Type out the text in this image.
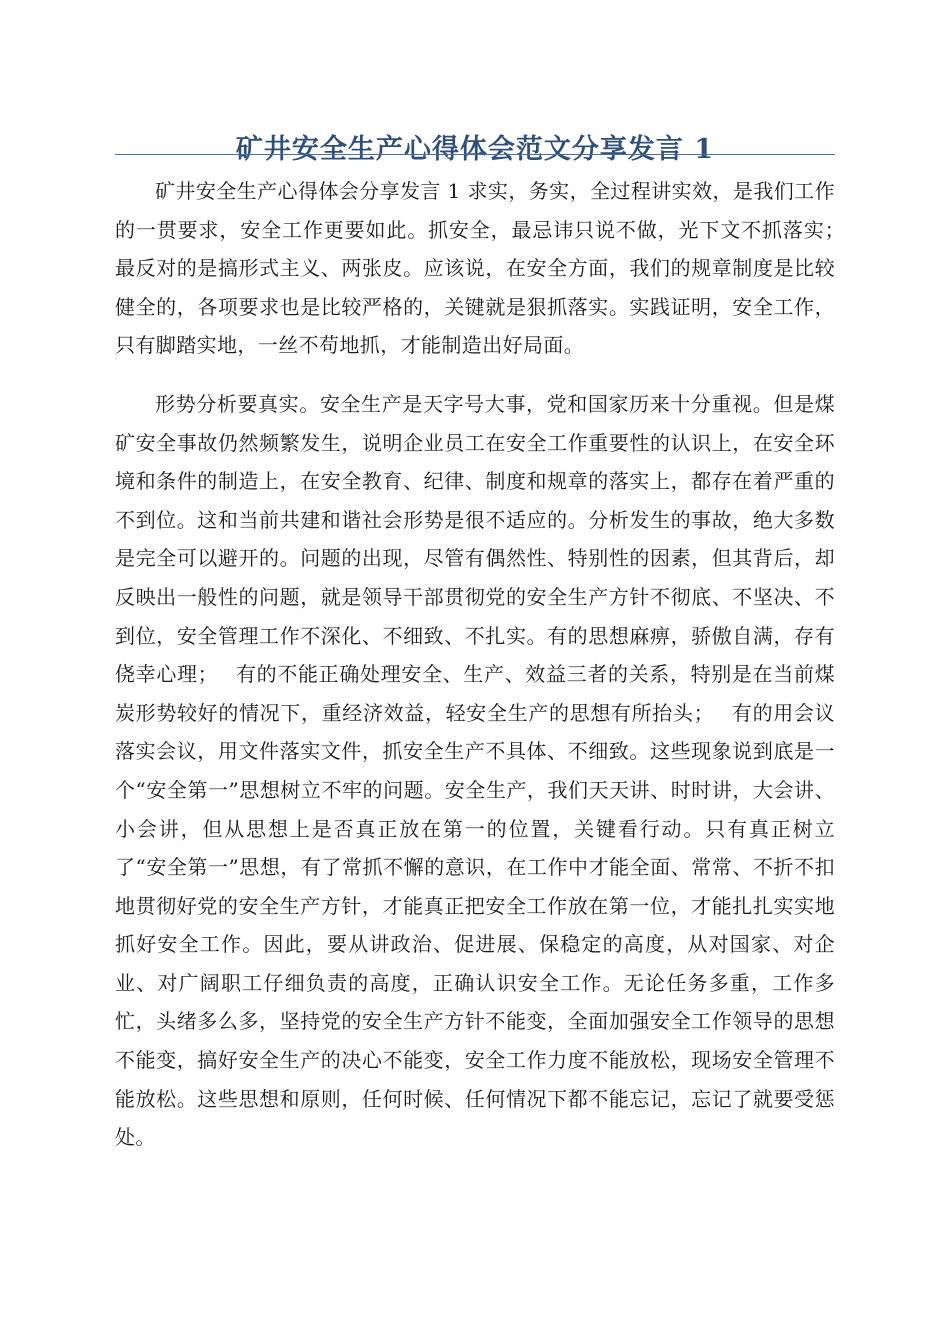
矿井安全生产心得体会范文分享发言 1

矿井安全生产心得体会分享发言 1 求实，务实，全过程讲实效，是我们工作的一贯要求，安全工作更要如此。抓安全，最忌讳只说不做，光下文不抓落实；　 最反对的是搞形式主义、两张皮。应该说，在安全方面，我们的规章制度是比较健全的，各项要求也是比较严格的，关键就是狠抓落实。实践证明，安全工作，只有脚踏实地，一丝不苟地抓，才能制造出好局面。

形势分析要真实。安全生产是天字号大事，党和国家历来十分重视。但是煤矿安全事故仍然频繁发生，说明企业员工在安全工作重要性的认识上，在安全环境和条件的制造上，在安全教育、纪律、制度和规章的落实上，都存在着严重的不到位。这和当前共建和谐社会形势是很不适应的。分析发生的事故，绝大多数是完全可以避开的。问题的出现，尽管有偶然性、特别性的因素，但其背后，却反映出一般性的问题，就是领导干部贯彻党的安全生产方针不彻底、不坚决、不到位，安全管理工作不深化、不细致、不扎实。有的思想麻痹，骄傲自满，存有侥幸心理；　 有的不能正确处理安全、生产、效益三者的关系，特别是在当前煤炭形势较好的情况下，重经济效益，轻安全生产的思想有所抬头；　 有的用会议落实会议，用文件落实文件，抓安全生产不具体、不细致。这些现象说到底是一个“安全第一”思想树立不牢的问题。安全生产，我们天天讲、时时讲，大会讲、小会讲，但从思想上是否真正放在第一的位置，关键看行动。只有真正树立了“安全第一”思想，有了常抓不懈的意识，在工作中才能全面、常常、不折不扣地贯彻好党的安全生产方针，才能真正把安全工作放在第一位，才能扎扎实实地抓好安全工作。因此，要从讲政治、促进展、保稳定的高度，从对国家、对企业、对广阔职工仔细负责的高度，正确认识安全工作。无论任务多重，工作多忙，头绪多么多，坚持党的安全生产方针不能变，全面加强安全工作领导的思想不能变，搞好安全生产的决心不能变，安全工作力度不能放松，现场安全管理不能放松。这些思想和原则，任何时候、任何情况下都不能忘记，忘记了就要受惩处。
